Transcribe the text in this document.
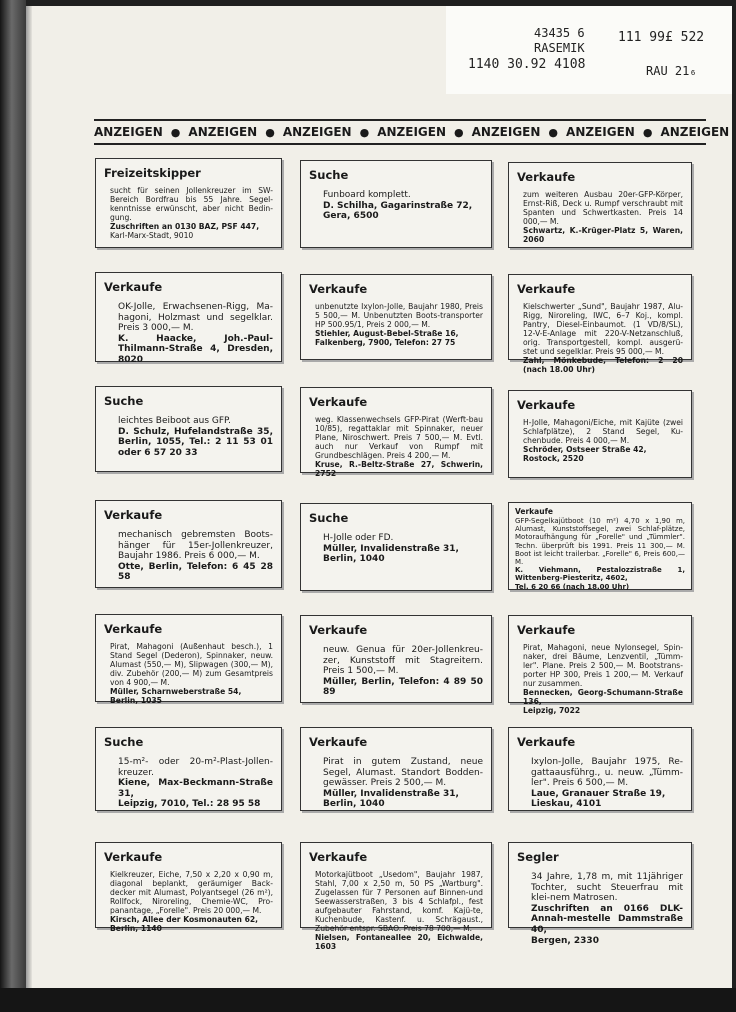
43435 6
RASEMIK
1140 30.92 4108
111 99£ 522
RAU 21₆
ANZEIGEN ● ANZEIGEN ● ANZEIGEN ● ANZEIGEN ● ANZEIGEN ● ANZEIGEN ● ANZEIGEN
Freizeitskipper
sucht für seinen Jollenkreuzer im SW-Bereich Bordfrau bis 55 Jahre. Segel-kenntnisse erwünscht, aber nicht Bedin-gung.
Zuschriften an 0130 BAZ, PSF 447,
Karl-Marx-Stadt, 9010
Suche
Funboard komplett.
D. Schilha, Gagarinstraße 72,
Gera, 6500
Verkaufe
zum weiteren Ausbau 20er-GFP-Körper, Ernst-Riß, Deck u. Rumpf verschraubt mit Spanten und Schwertkasten. Preis 14 000,— M.
Schwartz, K.-Krüger-Platz 5, Waren, 2060
Verkaufe
OK-Jolle, Erwachsenen-Rigg, Ma-hagoni, Holzmast und segelklar. Preis 3 000,— M.
K. Haacke, Joh.-Paul-Thilmann-Straße 4, Dresden, 8020
Verkaufe
unbenutzte Ixylon-Jolle, Baujahr 1980, Preis 5 500,— M. Unbenutzten Boots-transporter HP 500.95/1, Preis 2 000,— M.
Stiehler, August-Bebel-Straße 16,
Falkenberg, 7900, Telefon: 27 75
Verkaufe
Kielschwerter „Sund", Baujahr 1987, Alu-Rigg, Niroreling, IWC, 6–7 Koj., kompl. Pantry, Diesel-Einbaumot. (1 VD/8/SL), 12-V-E-Anlage mit 220-V-Netzanschluß, orig. Transportgestell, kompl. ausgerü-stet und segelklar. Preis 95 000,— M.
Zahl, Mönkebude, Telefon: 2 20 (nach 18.00 Uhr)
Suche
leichtes Beiboot aus GFP.
D. Schulz, Hufelandstraße 35, Berlin, 1055, Tel.: 2 11 53 01 oder 6 57 20 33
Verkaufe
weg. Klassenwechsels GFP-Pirat (Werft-bau 10/85), regattaklar mit Spinnaker, neuer Plane, Niroschwert. Preis 7 500,— M. Evtl. auch nur Verkauf von Rumpf mit Grundbeschlägen. Preis 4 200,— M.
Kruse, R.-Beltz-Straße 27, Schwerin, 2752
Verkaufe
H-Jolle, Mahagoni/Eiche, mit Kajüte (zwei Schlafplätze), 2 Stand Segel, Ku-chenbude. Preis 4 000,— M.
Schröder, Ostseer Straße 42,
Rostock, 2520
Verkaufe
mechanisch gebremsten Boots-hänger für 15er-Jollenkreuzer, Baujahr 1986. Preis 6 000,— M.
Otte, Berlin, Telefon: 6 45 28 58
Suche
H-Jolle oder FD.
Müller, Invalidenstraße 31,
Berlin, 1040
Verkaufe
GFP-Segelkajütboot (10 m²) 4,70 x 1,90 m, Alumast, Kunststoffsegel, zwei Schlaf-plätze, Motoraufhängung für „Forelle" und „Tümmler". Techn. überprüft bis 1991. Preis 11 300,— M. Boot ist leicht trailerbar. „Forelle" 6, Preis 600,— M.
K. Viehmann, Pestalozzistraße 1, Wittenberg-Piesteritz, 4602,
Tel. 6 20 66 (nach 18.00 Uhr)
Verkaufe
Pirat, Mahagoni (Außenhaut besch.), 1 Stand Segel (Dederon), Spinnaker, neuw. Alumast (550,— M), Slipwagen (300,— M), div. Zubehör (200,— M) zum Gesamtpreis von 4 900,— M.
Müller, Scharnweberstraße 54,
Berlin, 1035
Verkaufe
neuw. Genua für 20er-Jollenkreu-zer, Kunststoff mit Stagreitern. Preis 1 500,— M.
Müller, Berlin, Telefon: 4 89 50 89
Verkaufe
Pirat, Mahagoni, neue Nylonsegel, Spin-naker, drei Bäume, Lenzventil, „Tümm-ler". Plane. Preis 2 500,— M. Bootstrans-porter HP 300, Preis 1 200,— M. Verkauf nur zusammen.
Bennecken, Georg-Schumann-Straße 136,
Leipzig, 7022
Suche
15-m²- oder 20-m²-Plast-Jollen-kreuzer.
Kiene, Max-Beckmann-Straße 31,
Leipzig, 7010, Tel.: 28 95 58
Verkaufe
Pirat in gutem Zustand, neue Segel, Alumast. Standort Bodden-gewässer. Preis 2 500,— M.
Müller, Invalidenstraße 31,
Berlin, 1040
Verkaufe
Ixylon-Jolle, Baujahr 1975, Re-gattaausführg., u. neuw. „Tümm-ler". Preis 6 500,— M.
Laue, Granauer Straße 19,
Lieskau, 4101
Verkaufe
Kielkreuzer, Eiche, 7,50 x 2,20 x 0,90 m, diagonal beplankt, geräumiger Back-decker mit Alumast, Polyantsegel (26 m²), Rollfock, Niroreling, Chemie-WC, Pro-panantage, „Forelle". Preis 20 000,— M.
Kirsch, Allee der Kosmonauten 62,
Berlin, 1140
Verkaufe
Motorkajütboot „Usedom", Baujahr 1987, Stahl, 7,00 x 2,50 m, 50 PS „Wartburg". Zugelassen für 7 Personen auf Binnen-und Seewasserstraßen, 3 bis 4 Schlafpl., fest aufgebauter Fahrstand, komf. Kajü-te, Kuchenbude, Kastenf. u. Schrägaust., Zubehör entspr. SBAO. Preis 78 700,— M.
Nielsen, Fontaneallee 20, Eichwalde, 1603
Segler
34 Jahre, 1,78 m, mit 11jähriger Tochter, sucht Steuerfrau mit klei-nem Matrosen.
Zuschriften an 0166 DLK-Annah-mestelle Dammstraße 40,
Bergen, 2330
